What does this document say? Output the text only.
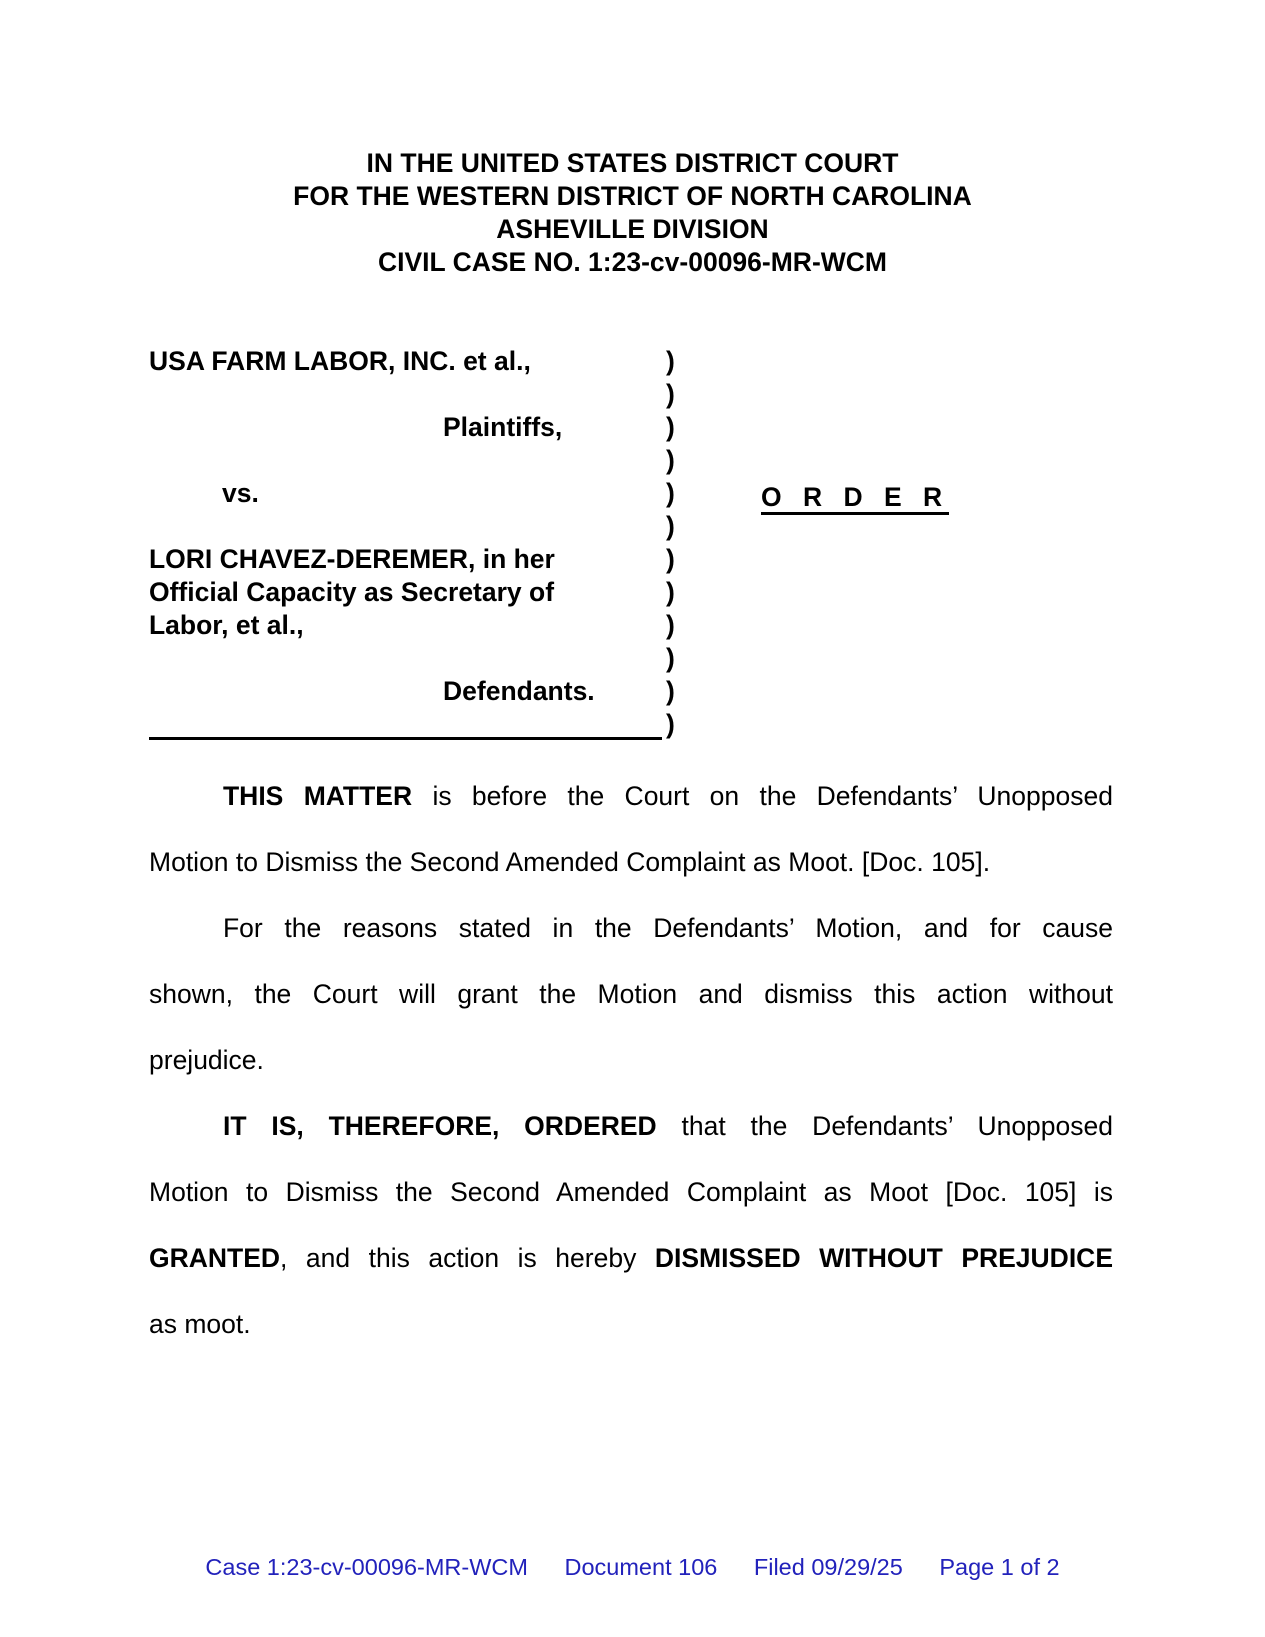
IN THE UNITED STATES DISTRICT COURT
FOR THE WESTERN DISTRICT OF NORTH CAROLINA
ASHEVILLE DIVISION
CIVIL CASE NO. 1:23-cv-00096-MR-WCM
USA FARM LABOR, INC. et al.,
Plaintiffs,
vs.
LORI CHAVEZ-DEREMER, in her
Official Capacity as Secretary of
Labor, et al.,
Defendants.
)
)
)
)
)
)
)
)
)
)
)
)
O R D E R
THIS MATTER is before the Court on the Defendants’ Unopposed
Motion to Dismiss the Second Amended Complaint as Moot. [Doc. 105].
For the reasons stated in the Defendants’ Motion, and for cause
shown, the Court will grant the Motion and dismiss this action without
prejudice.
IT IS, THEREFORE, ORDERED that the Defendants’ Unopposed
Motion to Dismiss the Second Amended Complaint as Moot [Doc. 105] is
GRANTED, and this action is hereby DISMISSED WITHOUT PREJUDICE
as moot.
Case 1:23-cv-00096-MR-WCM Document 106 Filed 09/29/25 Page 1 of 2
